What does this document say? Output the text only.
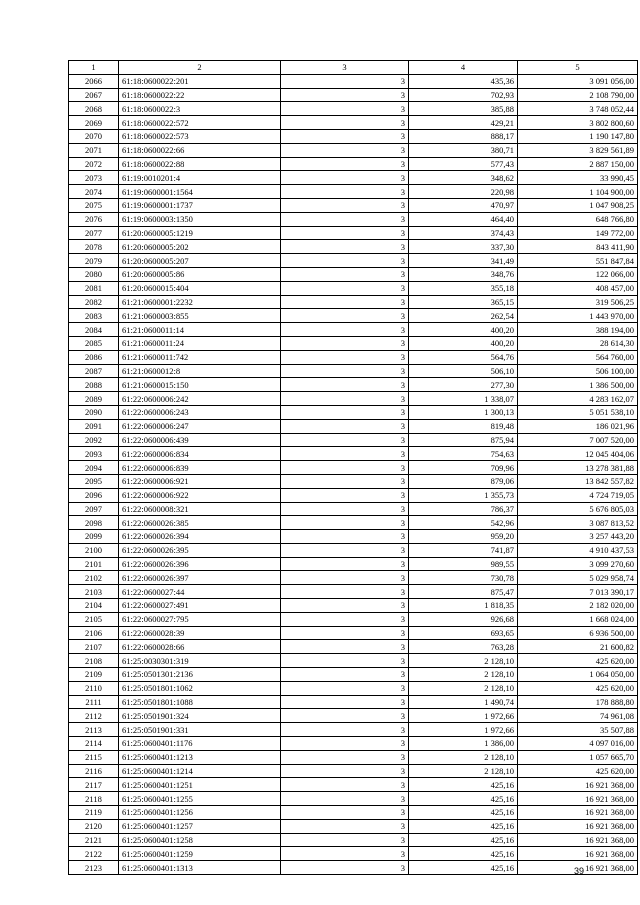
1	2	3	4	5
2066	61:18:0600022:201	3	435,36	3 091 056,00
2067	61:18:0600022:22	3	702,93	2 108 790,00
2068	61:18:0600022:3	3	385,88	3 748 052,44
2069	61:18:0600022:572	3	429,21	3 802 800,60
2070	61:18:0600022:573	3	888,17	1 190 147,80
2071	61:18:0600022:66	3	380,71	3 829 561,89
2072	61:18:0600022:88	3	577,43	2 887 150,00
2073	61:19:0010201:4	3	348,62	33 990,45
2074	61:19:0600001:1564	3	220,98	1 104 900,00
2075	61:19:0600001:1737	3	470,97	1 047 908,25
2076	61:19:0600003:1350	3	464,40	648 766,80
2077	61:20:0600005:1219	3	374,43	149 772,00
2078	61:20:0600005:202	3	337,30	843 411,90
2079	61:20:0600005:207	3	341,49	551 847,84
2080	61:20:0600005:86	3	348,76	122 066,00
2081	61:20:0600015:404	3	355,18	408 457,00
2082	61:21:0600001:2232	3	365,15	319 506,25
2083	61:21:0600003:855	3	262,54	1 443 970,00
2084	61:21:0600011:14	3	400,20	388 194,00
2085	61:21:0600011:24	3	400,20	28 614,30
2086	61:21:0600011:742	3	564,76	564 760,00
2087	61:21:0600012:8	3	506,10	506 100,00
2088	61:21:0600015:150	3	277,30	1 386 500,00
2089	61:22:0600006:242	3	1 338,07	4 283 162,07
2090	61:22:0600006:243	3	1 300,13	5 051 538,10
2091	61:22:0600006:247	3	819,48	186 021,96
2092	61:22:0600006:439	3	875,94	7 007 520,00
2093	61:22:0600006:834	3	754,63	12 045 404,06
2094	61:22:0600006:839	3	709,96	13 278 381,88
2095	61:22:0600006:921	3	879,06	13 842 557,82
2096	61:22:0600006:922	3	1 355,73	4 724 719,05
2097	61:22:0600008:321	3	786,37	5 676 805,03
2098	61:22:0600026:385	3	542,96	3 087 813,52
2099	61:22:0600026:394	3	959,20	3 257 443,20
2100	61:22:0600026:395	3	741,87	4 910 437,53
2101	61:22:0600026:396	3	989,55	3 099 270,60
2102	61:22:0600026:397	3	730,78	5 029 958,74
2103	61:22:0600027:44	3	875,47	7 013 390,17
2104	61:22:0600027:491	3	1 818,35	2 182 020,00
2105	61:22:0600027:795	3	926,68	1 668 024,00
2106	61:22:0600028:39	3	693,65	6 936 500,00
2107	61:22:0600028:66	3	763,28	21 600,82
2108	61:25:0030301:319	3	2 128,10	425 620,00
2109	61:25:0501301:2136	3	2 128,10	1 064 050,00
2110	61:25:0501801:1062	3	2 128,10	425 620,00
2111	61:25:0501801:1088	3	1 490,74	178 888,80
2112	61:25:0501901:324	3	1 972,66	74 961,08
2113	61:25:0501901:331	3	1 972,66	35 507,88
2114	61:25:0600401:1176	3	1 386,00	4 097 016,00
2115	61:25:0600401:1213	3	2 128,10	1 057 665,70
2116	61:25:0600401:1214	3	2 128,10	425 620,00
2117	61:25:0600401:1251	3	425,16	16 921 368,00
2118	61:25:0600401:1255	3	425,16	16 921 368,00
2119	61:25:0600401:1256	3	425,16	16 921 368,00
2120	61:25:0600401:1257	3	425,16	16 921 368,00
2121	61:25:0600401:1258	3	425,16	16 921 368,00
2122	61:25:0600401:1259	3	425,16	16 921 368,00
2123	61:25:0600401:1313	3	425,16	16 921 368,00
39
